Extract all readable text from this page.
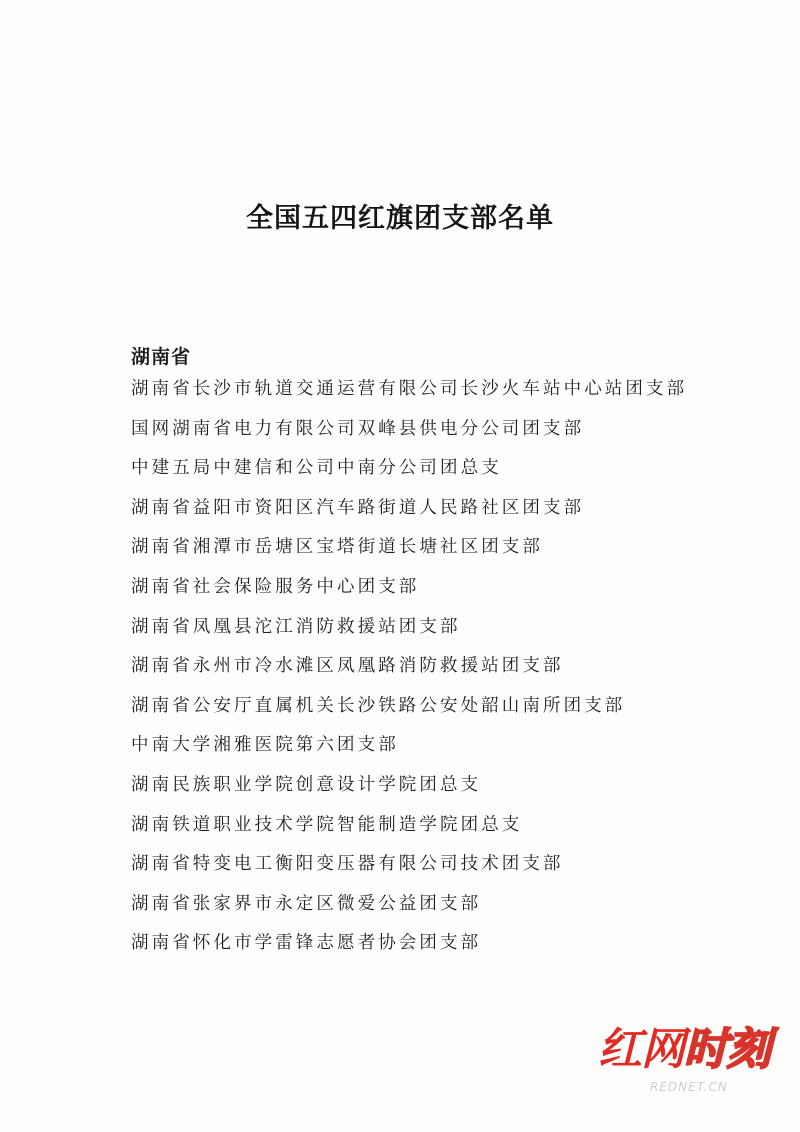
全国五四红旗团支部名单
湖南省
湖南省长沙市轨道交通运营有限公司长沙火车站中心站团支部
国网湖南省电力有限公司双峰县供电分公司团支部
中建五局中建信和公司中南分公司团总支
湖南省益阳市资阳区汽车路街道人民路社区团支部
湖南省湘潭市岳塘区宝塔街道长塘社区团支部
湖南省社会保险服务中心团支部
湖南省凤凰县沱江消防救援站团支部
湖南省永州市冷水滩区凤凰路消防救援站团支部
湖南省公安厅直属机关长沙铁路公安处韶山南所团支部
中南大学湘雅医院第六团支部
湖南民族职业学院创意设计学院团总支
湖南铁道职业技术学院智能制造学院团总支
湖南省特变电工衡阳变压器有限公司技术团支部
湖南省张家界市永定区微爱公益团支部
湖南省怀化市学雷锋志愿者协会团支部
红网时刻
REDNET.CN
